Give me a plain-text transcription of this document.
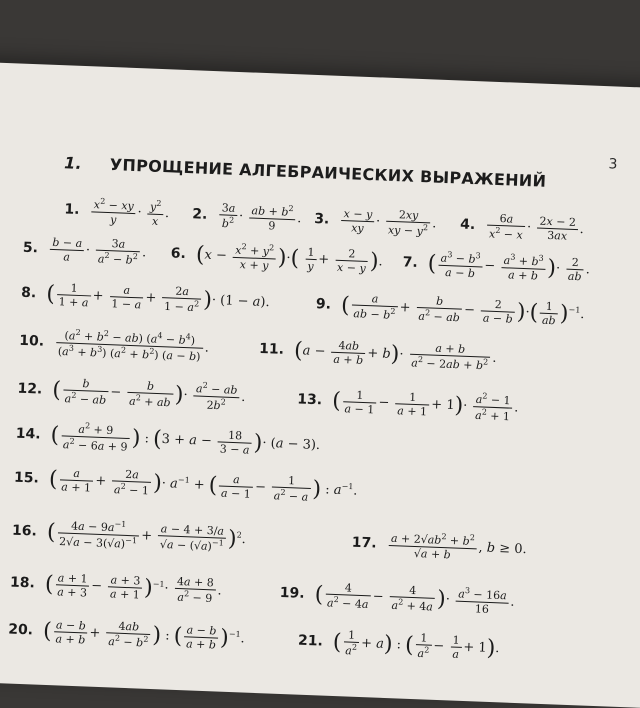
3
1. УПРОЩЕНИЕ АЛГЕБРАИЧЕСКИХ ВЫРАЖЕНИЙ
1. $\frac{x^2 - xy}{y} \cdot \frac{y^2}{x}$ . 2. $\frac{3a}{b^2} \cdot \frac{ab + b^2}{9}$ . 3. $\frac{x - y}{xy} \cdot \frac{2xy}{xy - y^2}$ . 4. $\frac{6a}{x^2 - x} \cdot \frac{2x - 2}{3ax}$ .
5. $\frac{b - a}{a} \cdot \frac{3a}{a^2 - b^2}$ . 6. ($x - \frac{x^2 + y^2}{x + y}$ )·( $\frac{1}{y} + \frac{2}{x - y}$ ). 7. ( $\frac{a^3 - b^3}{a - b} - \frac{a^3 + b^3}{a + b}$ )· $\frac{2}{ab}$ .
8. ( $\frac{1}{1 + a} + \frac{a}{1 - a} + \frac{2a}{1 - a^2}$ )· (1 − a).	9. ( $\frac{a}{ab - b^2} + \frac{b}{a^2 - ab} - \frac{2}{a - b}$ )·( $\frac{1}{ab} )^{-1}$.
10.	$(a^2 + b^2 - ab) (a^4 - b^4)$
$(a^3 + b^3) (a^2 + b^2) (a - b)$
.	11. $(a - \frac{4ab}{a + b} + b)\cdot \frac{a + b}{a^2 - 2ab + b^2}$ .
12. ( $\frac{b}{a^2 - ab} - \frac{b}{a^2 + ab}$ )· $\frac{a^2 - ab}{2b^2}$ .	13. ( $\frac{1}{a - 1} - \frac{1}{a + 1} + 1)\cdot \frac{a^2 - 1}{a^2 + 1}$ .
14. ( $\frac{a^2 + 9}{a^2 - 6a + 9}$ ) : ($3 + a - \frac{18}{3 - a}$ )· (a − 3).
15. ( $\frac{a}{a + 1} + \frac{2a}{a^2 - 1}$ )· $a^{-1}$ + ( $\frac{a}{a - 1} - \frac{1}{a^2 - a}$ ) : $a^{-1}$.
16. ( $\frac{4a - 9a^{-1}}{2√a - 3(√a)^{-1}} + \frac{a - 4 + 3/a}{√a - (√a)^{-1}} )^2$.	17. $\frac{a + 2√ab^2 + b^2}{√a + b}$ , b ≥ 0.
18. ( $\frac{a + 1}{a + 3} - \frac{a + 3}{a + 1} )^{-1}\cdot \frac{4a + 8}{a^2 - 9}$ .	19. ( $\frac{4}{a^2 - 4a} - \frac{4}{a^2 + 4a}$ )· $\frac{a^3 - 16a}{16}$ .
20. ( $\frac{a - b}{a + b} + \frac{4ab}{a^2 - b^2}$ ) : ( $\frac{a - b}{a + b} )^{-1}$.	21. ( $\frac{1}{a^2} + a$) : ( $\frac{1}{a^2} - \frac{1}{a} + 1$).
